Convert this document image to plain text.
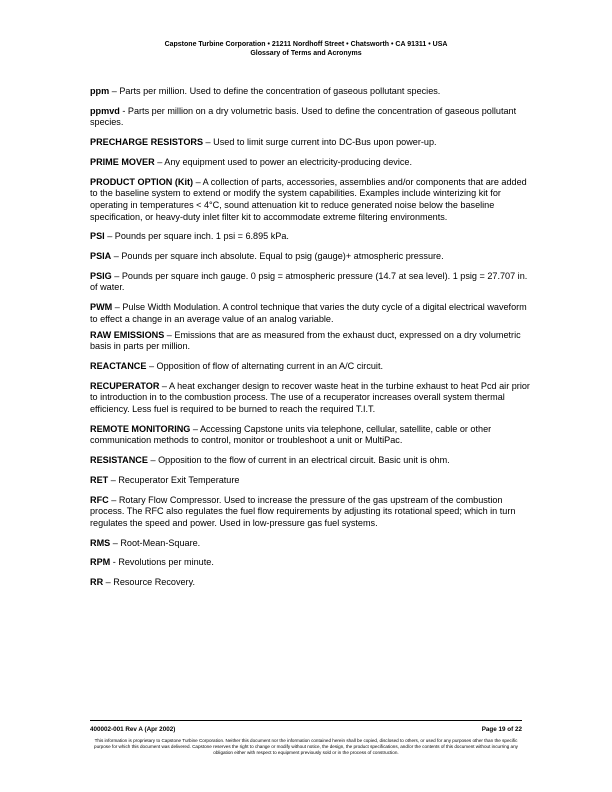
Capstone Turbine Corporation • 21211 Nordhoff Street • Chatsworth • CA 91311 • USA
Glossary of Terms and Acronyms

ppm – Parts per million. Used to define the concentration of gaseous pollutant species.

ppmvd - Parts per million on a dry volumetric basis. Used to define the concentration of gaseous pollutant species.

PRECHARGE RESISTORS – Used to limit surge current into DC-Bus upon power-up.

PRIME MOVER – Any equipment used to power an electricity-producing device.

PRODUCT OPTION (Kit) – A collection of parts, accessories, assemblies and/or components that are added to the baseline system to extend or modify the system capabilities. Examples include winterizing kit for operating in temperatures < 4°C, sound attenuation kit to reduce generated noise below the baseline specification, or heavy-duty inlet filter kit to accommodate extreme filtering environments.

PSI – Pounds per square inch. 1 psi = 6.895 kPa.

PSIA – Pounds per square inch absolute. Equal to psig (gauge)+ atmospheric pressure.

PSIG – Pounds per square inch gauge. 0 psig = atmospheric pressure (14.7 at sea level). 1 psig = 27.707 in. of water.

PWM – Pulse Width Modulation. A control technique that varies the duty cycle of a digital electrical waveform to effect a change in an average value of an analog variable.

RAW EMISSIONS – Emissions that are as measured from the exhaust duct, expressed on a dry volumetric basis in parts per million.

REACTANCE – Opposition of flow of alternating current in an A/C circuit.

RECUPERATOR – A heat exchanger design to recover waste heat in the turbine exhaust to heat Pcd air prior to introduction in to the combustion process. The use of a recuperator increases overall system thermal efficiency. Less fuel is required to be burned to reach the required T.I.T.

REMOTE MONITORING – Accessing Capstone units via telephone, cellular, satellite, cable or other communication methods to control, monitor or troubleshoot a unit or MultiPac.

RESISTANCE – Opposition to the flow of current in an electrical circuit. Basic unit is ohm.

RET – Recuperator Exit Temperature

RFC – Rotary Flow Compressor. Used to increase the pressure of the gas upstream of the combustion process. The RFC also regulates the fuel flow requirements by adjusting its rotational speed; which in turn regulates the speed and power. Used in low-pressure gas fuel systems.

RMS – Root-Mean-Square.

RPM - Revolutions per minute.

RR – Resource Recovery.

400002-001 Rev A (Apr 2002)	Page 19 of 22
This information is proprietary to Capstone Turbine Corporation. Neither this document nor the information contained herein shall be copied, disclosed to others, or used for any purposes other than the specific purpose for which this document was delivered. Capstone reserves the right to change or modify without notice, the design, the product specifications, and/or the contents of this document without incurring any obligation either with respect to equipment previously sold or in the process of construction.
